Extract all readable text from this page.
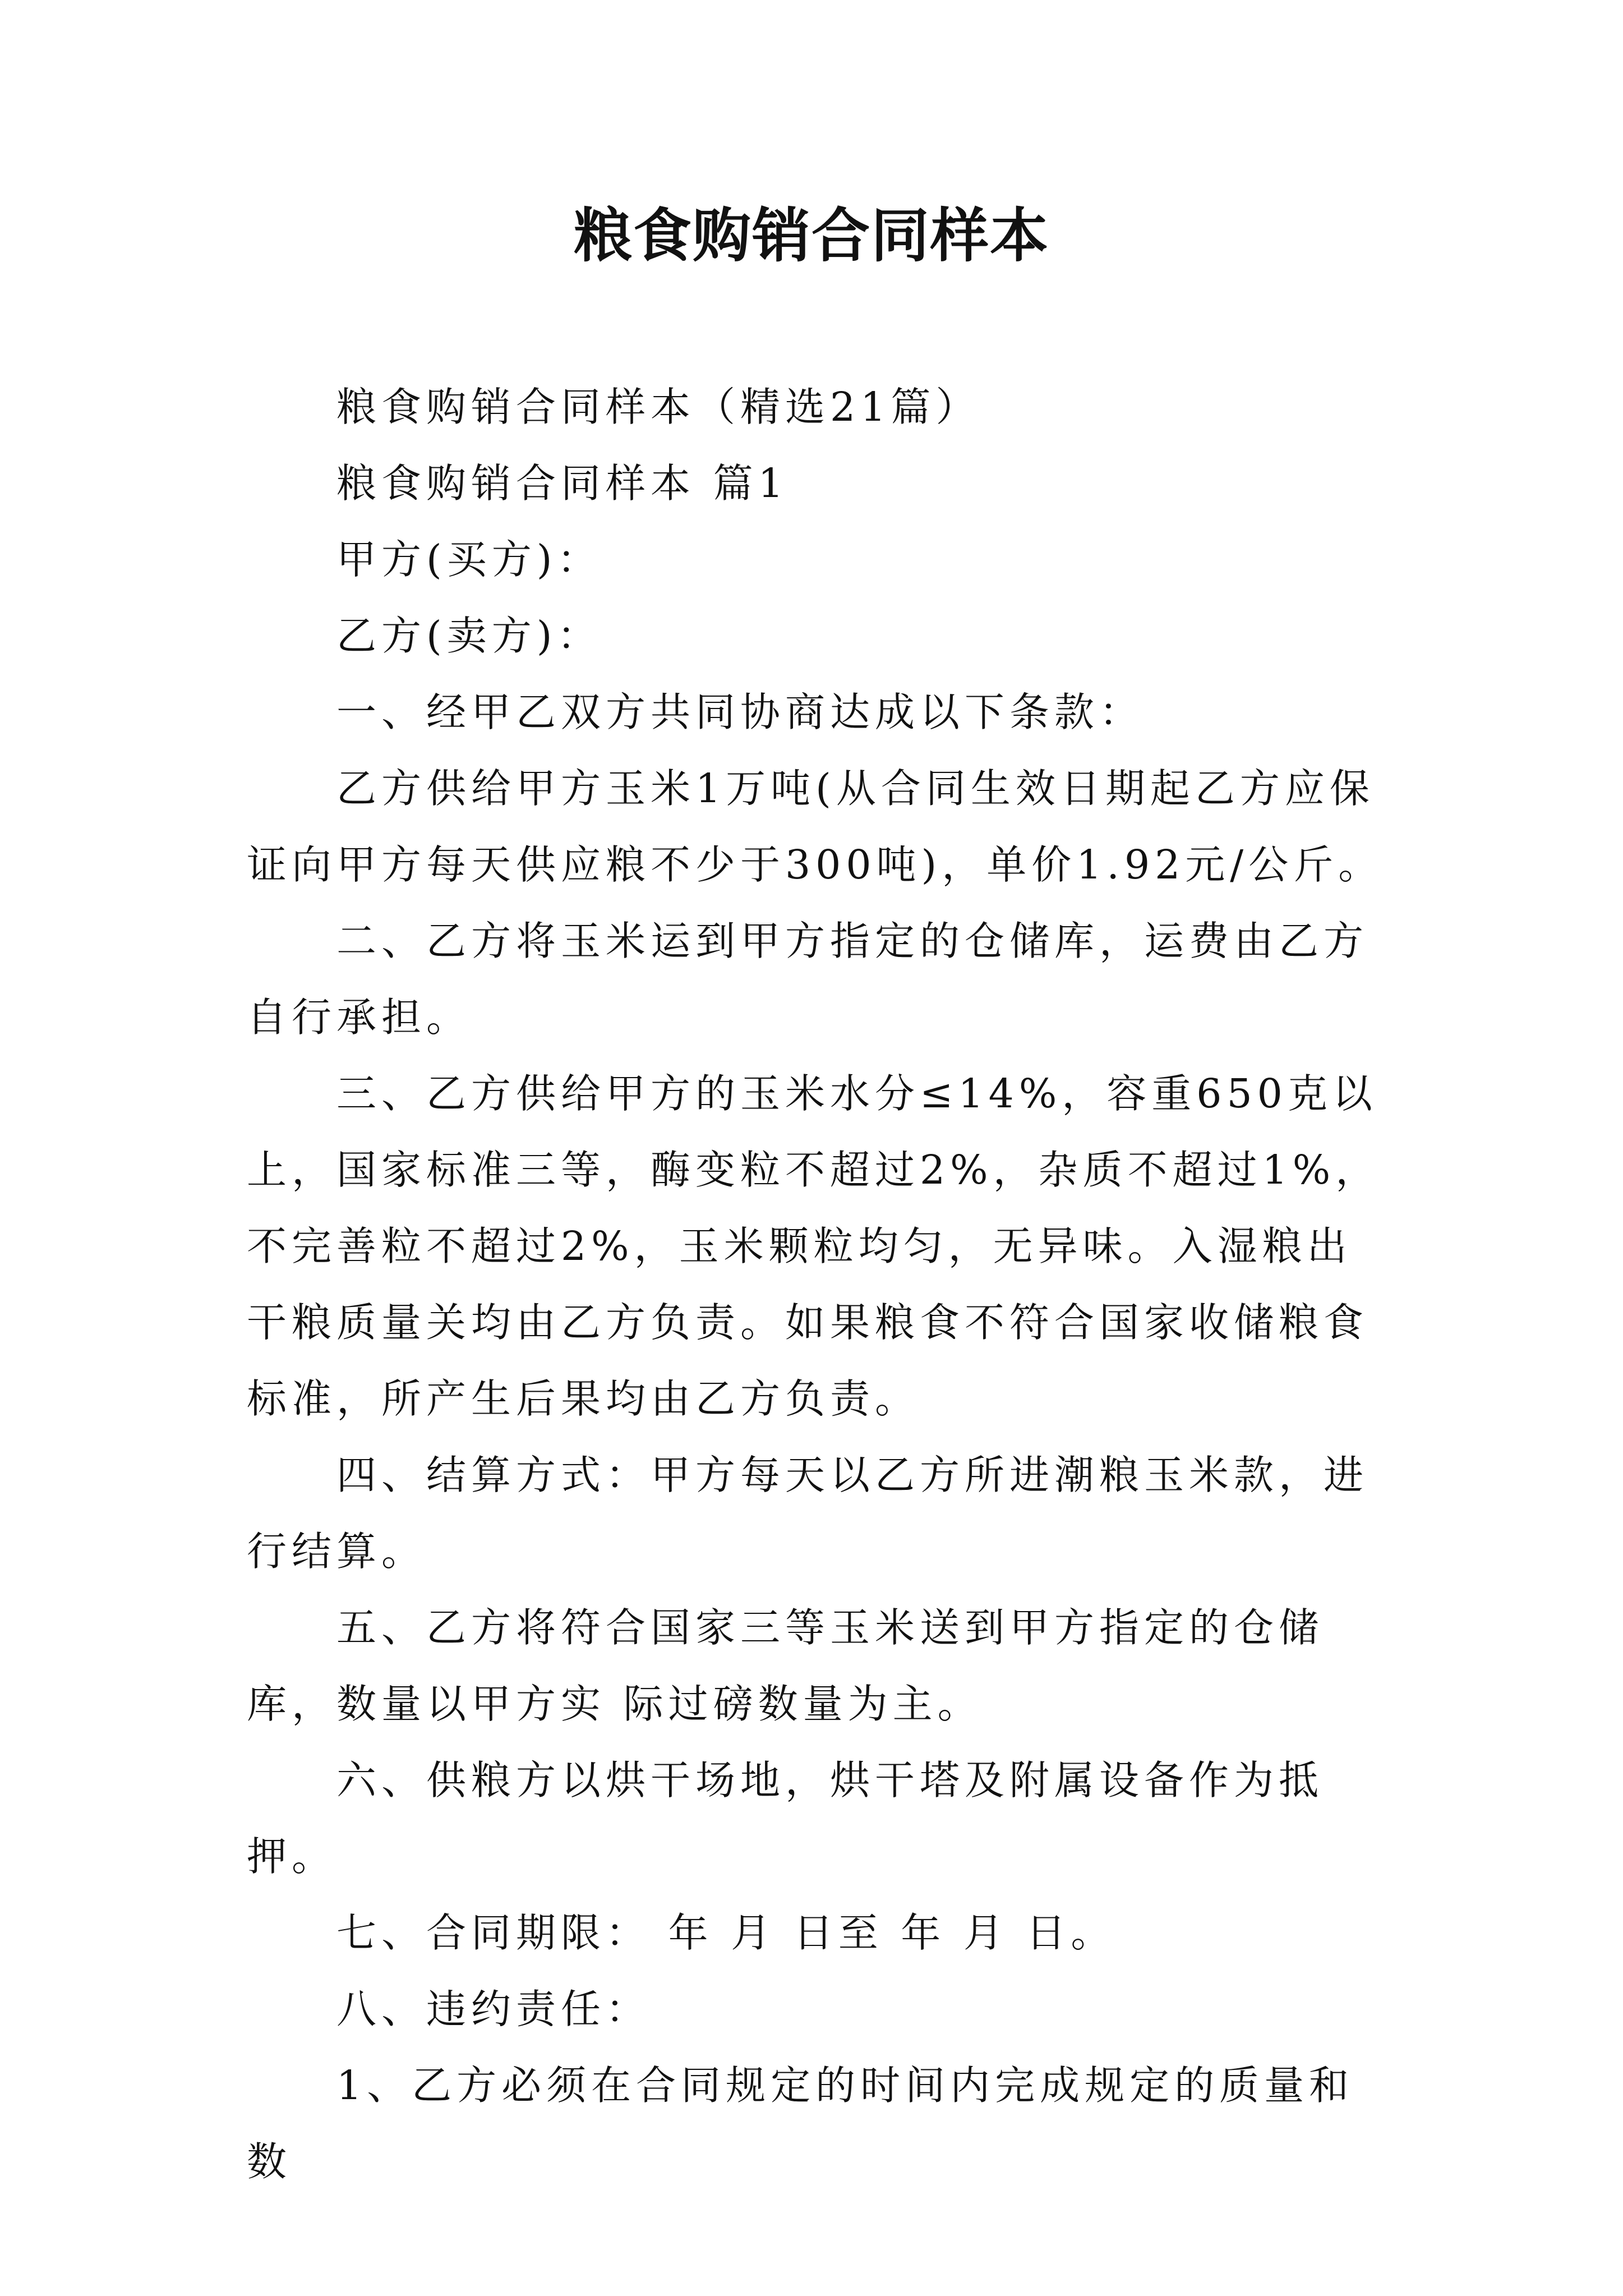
粮食购销合同样本

粮食购销合同样本（精选21篇）

粮食购销合同样本 篇1

甲方(买方)：

乙方(卖方)：

一、经甲乙双方共同协商达成以下条款：

乙方供给甲方玉米1万吨(从合同生效日期起乙方应保证向甲方每天供应粮不少于300吨)，单价1.92元/公斤。

二、乙方将玉米运到甲方指定的仓储库，运费由乙方自行承担。

三、乙方供给甲方的玉米水分≤14%，容重650克以上，国家标准三等，酶变粒不超过2%，杂质不超过1%，不完善粒不超过2%，玉米颗粒均匀，无异味。入湿粮出干粮质量关均由乙方负责。如果粮食不符合国家收储粮食标准，所产生后果均由乙方负责。

四、结算方式：甲方每天以乙方所进潮粮玉米款，进行结算。

五、乙方将符合国家三等玉米送到甲方指定的仓储库，数量以甲方实 际过磅数量为主。

六、供粮方以烘干场地，烘干塔及附属设备作为抵押。

七、合同期限： 年 月 日至 年 月 日。

八、违约责任：

1、乙方必须在合同规定的时间内完成规定的质量和数
